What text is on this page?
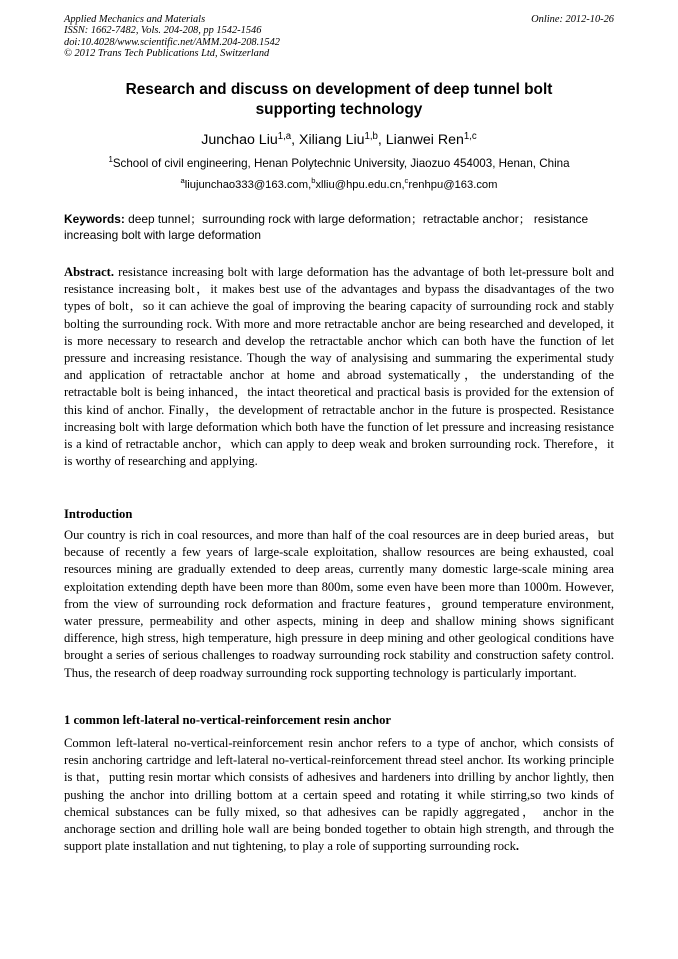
Applied Mechanics and Materials
ISSN: 1662-7482, Vols. 204-208, pp 1542-1546
doi:10.4028/www.scientific.net/AMM.204-208.1542
© 2012 Trans Tech Publications Ltd, Switzerland
Online: 2012-10-26
Research and discuss on development of deep tunnel bolt
supporting technology
Junchao Liu$^{1,a}$, Xiliang Liu$^{1,b}$, Lianwei Ren$^{1,c}$
$^1$School of civil engineering, Henan Polytechnic University, Jiaozuo 454003, Henan, China
$^a$liujunchao333@163.com,$^b$xlliu@hpu.edu.cn,$^c$renhpu@163.com
Keywords: deep tunnel；surrounding rock with large deformation；retractable anchor； resistance increasing bolt with large deformation

Abstract. resistance increasing bolt with large deformation has the advantage of both let-pressure bolt and resistance increasing bolt，it makes best use of the advantages and bypass the disadvantages of the two types of bolt，so it can achieve the goal of improving the bearing capacity of surrounding rock and stably bolting the surrounding rock. With more and more retractable anchor are being researched and developed, it is more necessary to research and develop the retractable anchor which can both have the function of let pressure and increasing resistance. Though the way of analysising and summaring the experimental study and application of retractable anchor at home and abroad systematically，the understanding of the retractable bolt is being inhanced，the intact theoretical and practical basis is provided for the extension of this kind of anchor. Finally，the development of retractable anchor in the future is prospected. Resistance increasing bolt with large deformation which both have the function of let pressure and increasing resistance is a kind of retractable anchor，which can apply to deep weak and broken surrounding rock. Therefore，it is worthy of researching and applying.

Introduction

Our country is rich in coal resources, and more than half of the coal resources are in deep buried areas，but because of recently a few years of large-scale exploitation, shallow resources are being exhausted, coal resources mining are gradually extended to deep areas, currently many domestic large-scale mining area exploitation extending depth have been more than 800m, some even have been more than 1000m. However, from the view of surrounding rock deformation and fracture features，ground temperature environment, water pressure, permeability and other aspects, mining in deep and shallow mining shows significant difference, high stress, high temperature, high pressure in deep mining and other geological conditions have brought a series of serious challenges to roadway surrounding rock stability and construction safety control. Thus, the research of deep roadway surrounding rock supporting technology is particularly important.

1 common left-lateral no-vertical-reinforcement resin anchor

Common left-lateral no-vertical-reinforcement resin anchor refers to a type of anchor, which consists of resin anchoring cartridge and left-lateral no-vertical-reinforcement thread steel anchor. Its working principle is that，putting resin mortar which consists of adhesives and hardeners into drilling by anchor lightly, then pushing the anchor into drilling bottom at a certain speed and rotating it while stirring,so two kinds of chemical substances can be fully mixed, so that adhesives can be rapidly aggregated， anchor in the anchorage section and drilling hole wall are being bonded together to obtain high strength, and through the support plate installation and nut tightening, to play a role of supporting surrounding rock.
